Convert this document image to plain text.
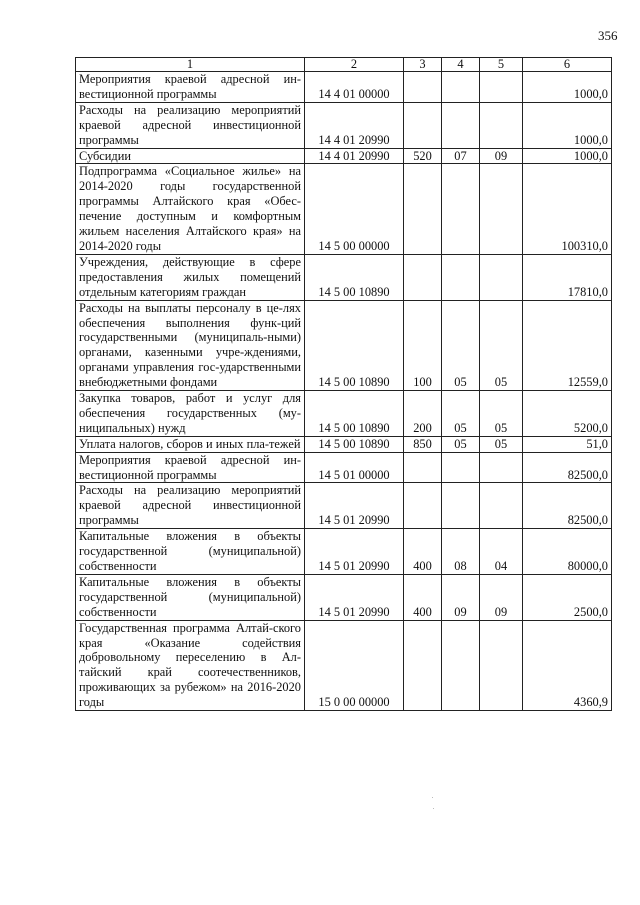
356
1	2	3	4	5	6
Мероприятия краевой адресной ин-вестиционной программы	14 4 01 00000				1000,0
Расходы на реализацию мероприятий краевой адресной инвестиционной программы	14 4 01 20990				1000,0
Субсидии	14 4 01 20990	520	07	09	1000,0
Подпрограмма «Социальное жилье» на 2014-2020 годы государственной программы Алтайского края «Обес-печение доступным и комфортным жильем населения Алтайского края» на 2014-2020 годы	14 5 00 00000				100310,0
Учреждения, действующие в сфере предоставления жилых помещений отдельным категориям граждан	14 5 00 10890				17810,0
Расходы на выплаты персоналу в це-лях обеспечения выполнения функ-ций государственными (муниципаль-ными) органами, казенными учре-ждениями, органами управления гос-ударственными внебюджетными фондами	14 5 00 10890	100	05	05	12559,0
Закупка товаров, работ и услуг для обеспечения государственных (му-ниципальных) нужд	14 5 00 10890	200	05	05	5200,0
Уплата налогов, сборов и иных пла-тежей	14 5 00 10890	850	05	05	51,0
Мероприятия краевой адресной ин-вестиционной программы	14 5 01 00000				82500,0
Расходы на реализацию мероприятий краевой адресной инвестиционной программы	14 5 01 20990				82500,0
Капитальные вложения в объекты государственной (муниципальной) собственности	14 5 01 20990	400	08	04	80000,0
Капитальные вложения в объекты государственной (муниципальной) собственности	14 5 01 20990	400	09	09	2500,0
Государственная программа Алтай-ского края «Оказание содействия добровольному переселению в Ал-тайский край соотечественников, проживающих за рубежом» на 2016-2020 годы	15 0 00 00000				4360,9
